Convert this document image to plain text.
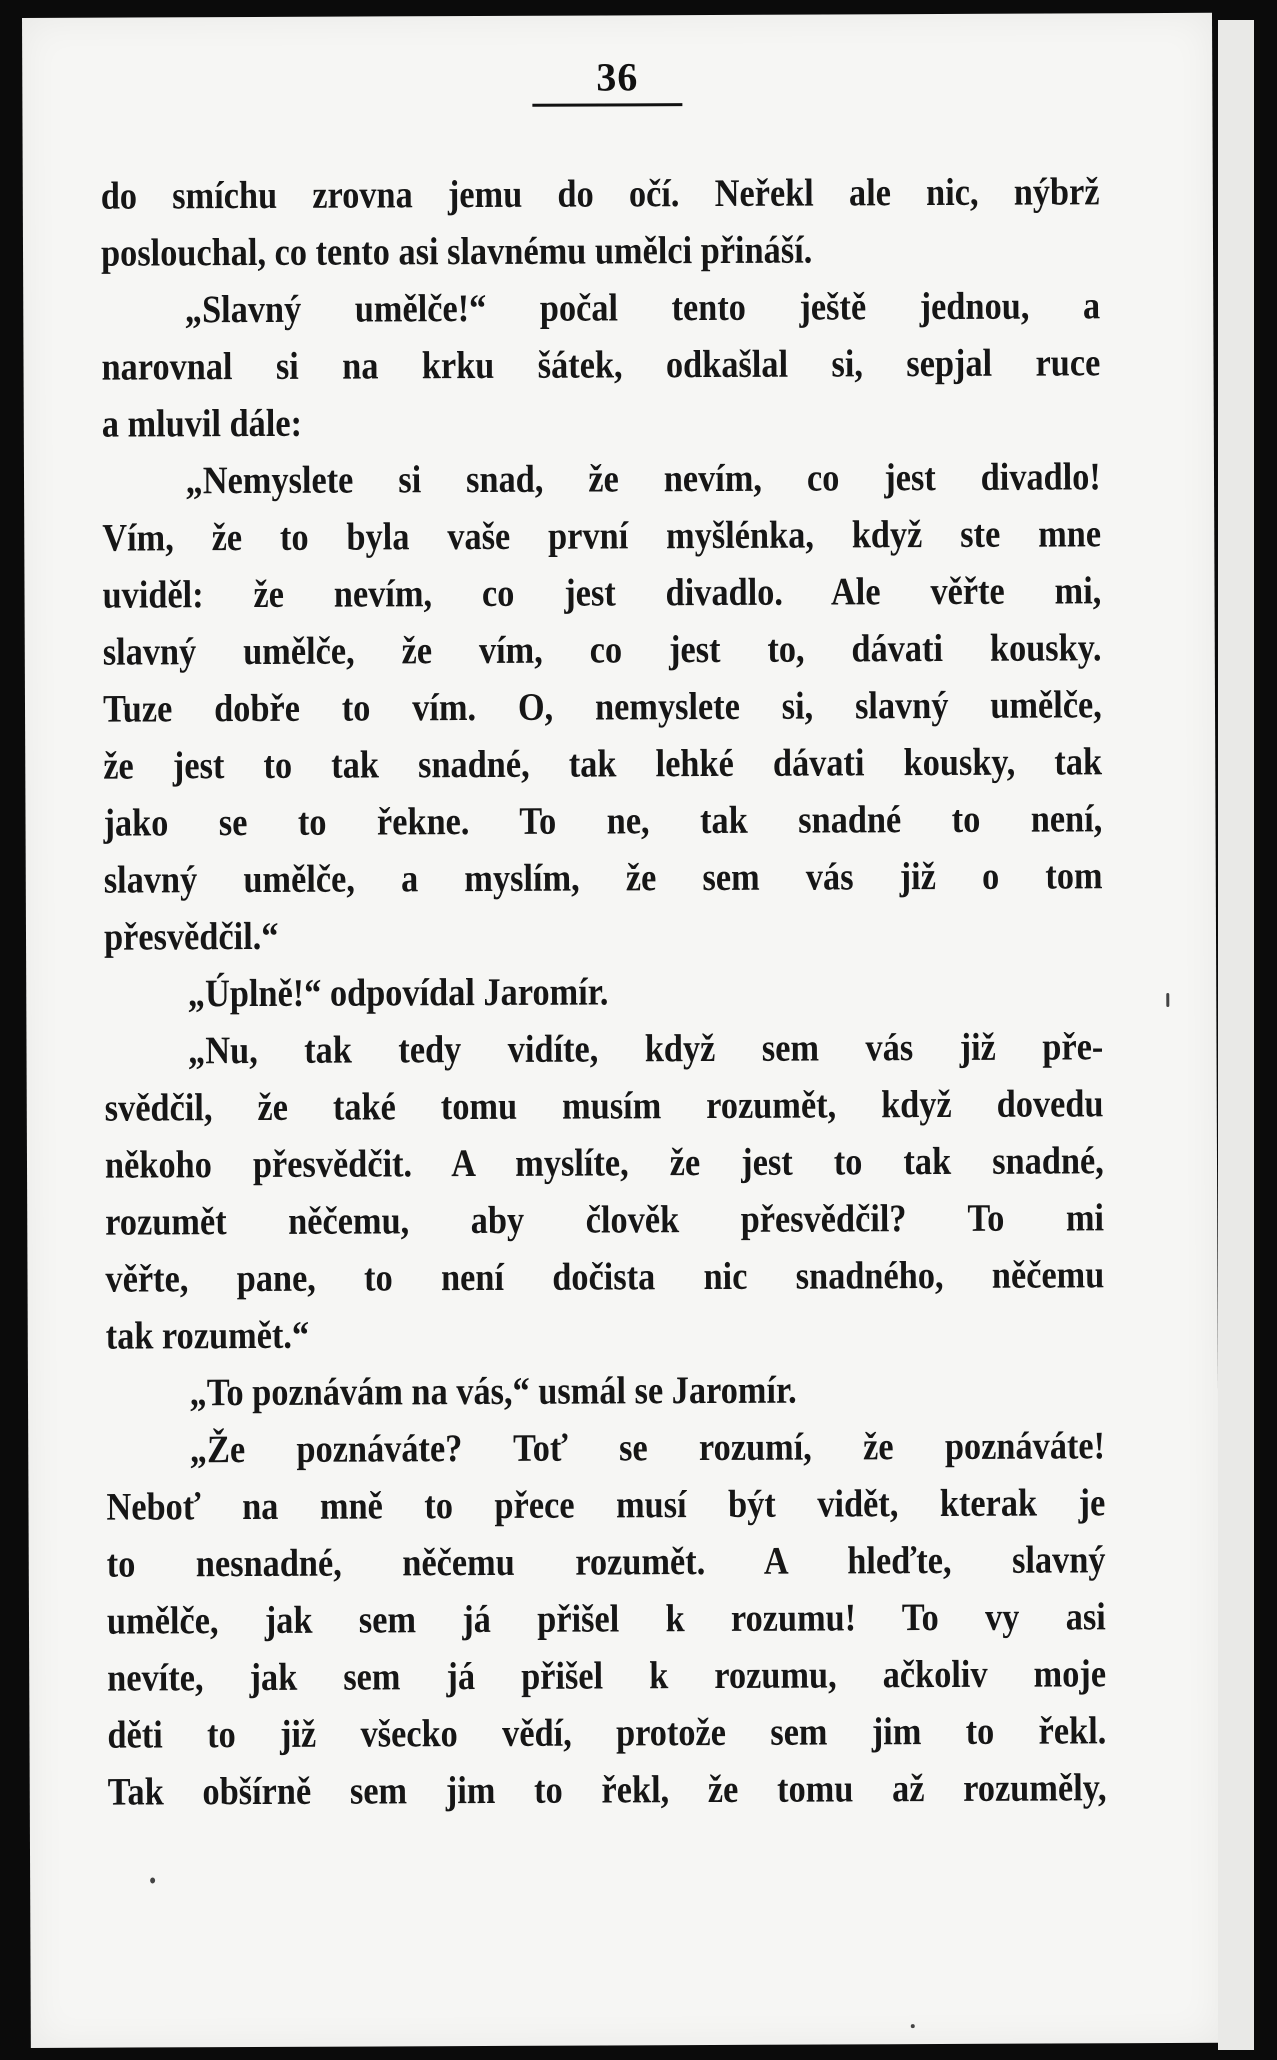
36
do smíchu zrovna jemu do očí. Neřekl ale nic, nýbrž
poslouchal, co tento asi slavnému umělci přináší.
„Slavný umělče!“ počal tento ještě jednou, a
narovnal si na krku šátek, odkašlal si, sepjal ruce
a mluvil dále:
„Nemyslete si snad, že nevím, co jest divadlo!
Vím, že to byla vaše první myšlénka, když ste mne
uviděl: že nevím, co jest divadlo. Ale věřte mi,
slavný umělče, že vím, co jest to, dávati kousky.
Tuze dobře to vím. O, nemyslete si, slavný umělče,
že jest to tak snadné, tak lehké dávati kousky, tak
jako se to řekne. To ne, tak snadné to není,
slavný umělče, a myslím, že sem vás již o tom
přesvědčil.“
„Úplně!“ odpovídal Jaromír.
„Nu, tak tedy vidíte, když sem vás již pře-
svědčil, že také tomu musím rozumět, když dovedu
někoho přesvědčit. A myslíte, že jest to tak snadné,
rozumět něčemu, aby člověk přesvědčil? To mi
věřte, pane, to není dočista nic snadného, něčemu
tak rozumět.“
„To poznávám na vás,“ usmál se Jaromír.
„Že poznáváte? Toť se rozumí, že poznáváte!
Neboť na mně to přece musí být vidět, kterak je
to nesnadné, něčemu rozumět. A hleďte, slavný
umělče, jak sem já přišel k rozumu! To vy asi
nevíte, jak sem já přišel k rozumu, ačkoliv moje
děti to již všecko vědí, protože sem jim to řekl.
Tak obšírně sem jim to řekl, že tomu až rozuměly,
